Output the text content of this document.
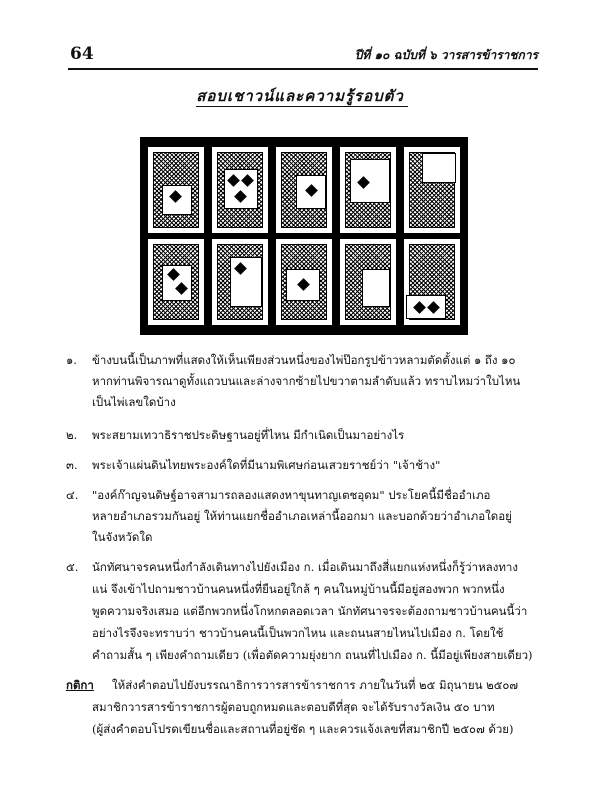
64	ปีที่ ๑๐ ฉบับที่ ๖ วารสารข้าราชการ
สอบเชาวน์และความรู้รอบตัว
๑. ข้างบนนี้เป็นภาพที่แสดงให้เห็นเพียงส่วนหนึ่งของไพ่ป๊อกรูปข้าวหลามตัดตั้งแต่ ๑ ถึง ๑๐
หากท่านพิจารณาดูทั้งแถวบนและล่างจากซ้ายไปขวาตามลำดับแล้ว ทราบไหมว่าใบไหน
เป็นไพ่เลขใดบ้าง
๒. พระสยามเทวาธิราชประดิษฐานอยู่ที่ไหน มีกำเนิดเป็นมาอย่างไร
๓. พระเจ้าแผ่นดินไทยพระองค์ใดที่มีนามพิเศษก่อนเสวยราชย์ว่า "เจ้าช้าง"
๔. "องค์ก๊าญจนดิษฐ์อาจสามารถลองแสดงหาขุนทาญเตชอุดม" ประโยคนี้มีชื่ออำเภอ
หลายอำเภอรวมกันอยู่ ให้ท่านแยกชื่ออำเภอเหล่านี้ออกมา และบอกด้วยว่าอำเภอใดอยู่
ในจังหวัดใด
๕. นักทัศนาจรคนหนึ่งกำลังเดินทางไปยังเมือง ก. เมื่อเดินมาถึงสี่แยกแห่งหนึ่งก็รู้ว่าหลงทาง
แน่ จึงเข้าไปถามชาวบ้านคนหนึ่งที่ยืนอยู่ใกล้ ๆ คนในหมู่บ้านนี้มีอยู่สองพวก พวกหนึ่ง
พูดความจริงเสมอ แต่อีกพวกหนึ่งโกหกตลอดเวลา นักทัศนาจรจะต้องถามชาวบ้านคนนี้ว่า
อย่างไรจึงจะทราบว่า ชาวบ้านคนนี้เป็นพวกไหน และถนนสายไหนไปเมือง ก. โดยใช้
คำถามสั้น ๆ เพียงคำถามเดียว (เพื่อตัดความยุ่งยาก ถนนที่ไปเมือง ก. นี้มีอยู่เพียงสายเดียว)
กติกา ให้ส่งคำตอบไปยังบรรณาธิการวารสารข้าราชการ ภายในวันที่ ๒๕ มิถุนายน ๒๕๐๗
สมาชิกวารสารข้าราชการผู้ตอบถูกหมดและตอบดีที่สุด จะได้รับรางวัลเงิน ๕๐ บาท
(ผู้ส่งคำตอบโปรดเขียนชื่อและสถานที่อยู่ชัด ๆ และควรแจ้งเลขที่สมาชิกปี ๒๕๐๗ ด้วย)
